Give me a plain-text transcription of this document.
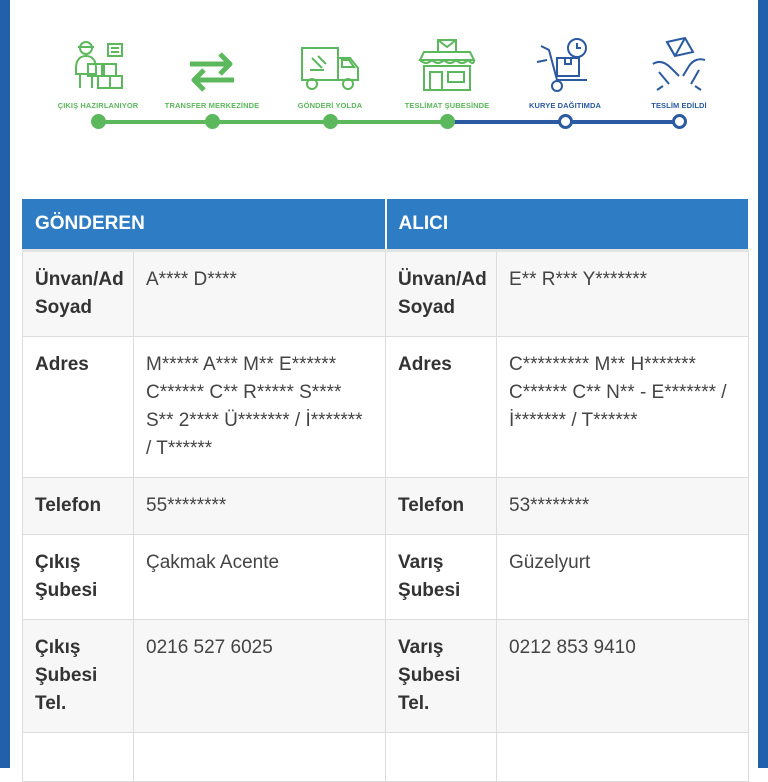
ÇIKIŞ HAZIRLANIYOR	TRANSFER MERKEZİNDE	GÖNDERİ YOLDA	TESLİMAT ŞUBESİNDE	KURYE DAĞITIMDA	TESLİM EDİLDİ
GÖNDEREN		ALICI	
Ünvan/Ad Soyad	A**** D****	Ünvan/Ad Soyad	E** R*** Y*******
Adres	M***** A*** M** E****** C****** C** R***** S**** S** 2**** Ü******* / İ******* / T******	Adres	C********* M** H******* C****** C** N** - E******* / İ******* / T******
Telefon	55********	Telefon	53********
Çıkış Şubesi	Çakmak Acente	Varış Şubesi	Güzelyurt
Çıkış Şubesi Tel.	0216 527 6025	Varış Şubesi Tel.	0212 853 9410
